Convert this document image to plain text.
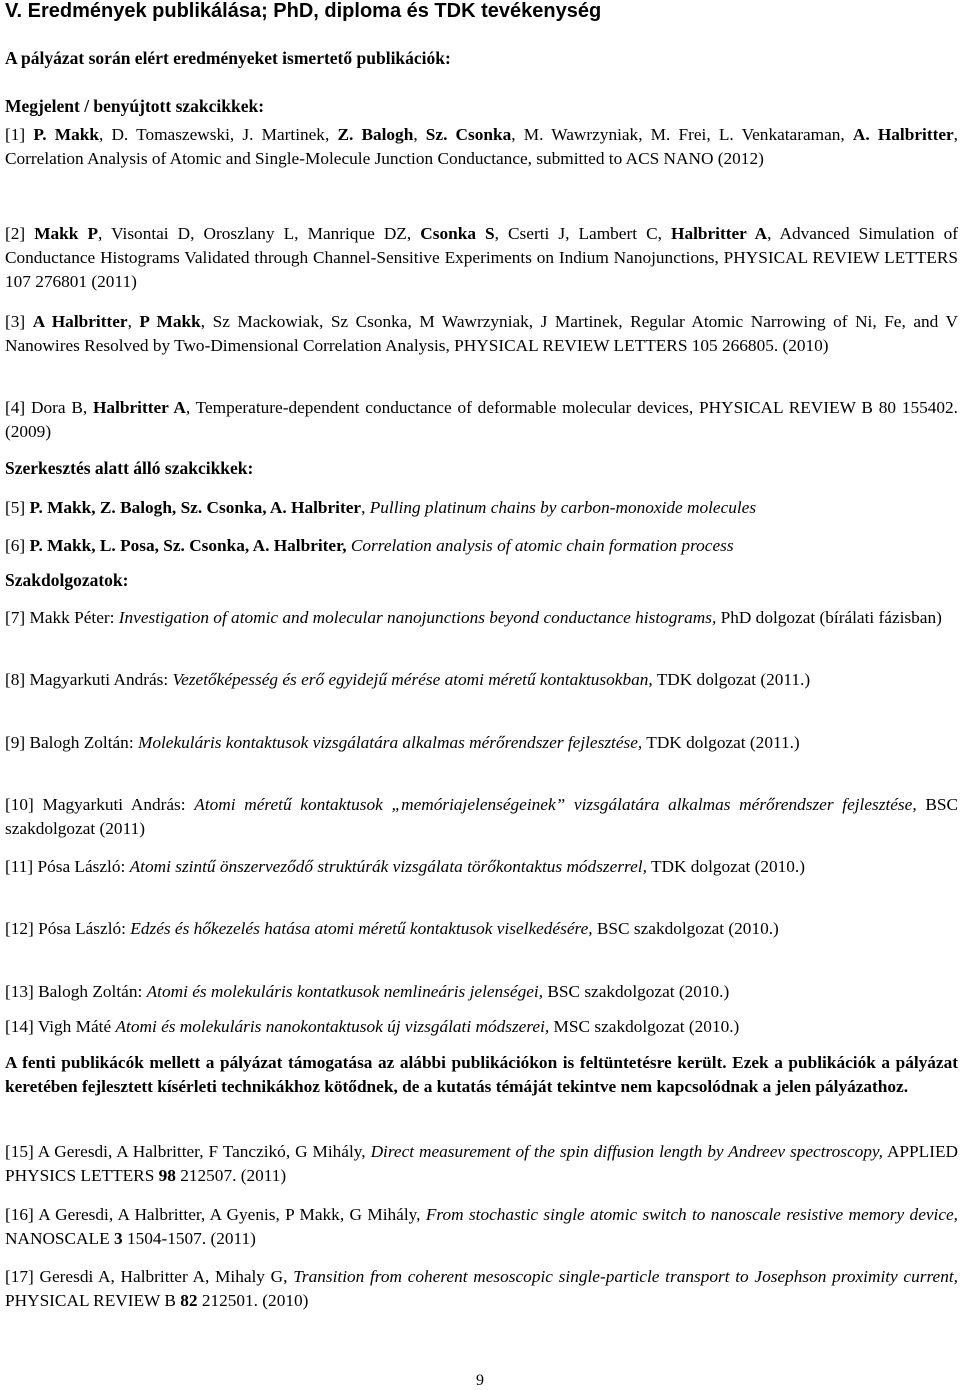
V. Eredmények publikálása; PhD, diploma és TDK tevékenység
A pályázat során elért eredményeket ismertető publikációk:
Megjelent / benyújtott szakcikkek:
[1] P. Makk, D. Tomaszewski, J. Martinek, Z. Balogh, Sz. Csonka, M. Wawrzyniak, M. Frei, L. Venkataraman, A. Halbritter, Correlation Analysis of Atomic and Single-Molecule Junction Conductance, submitted to ACS NANO (2012)
[2] Makk P, Visontai D, Oroszlany L, Manrique DZ, Csonka S, Cserti J, Lambert C, Halbritter A, Advanced Simulation of Conductance Histograms Validated through Channel-Sensitive Experiments on Indium Nanojunctions, PHYSICAL REVIEW LETTERS 107 276801 (2011)
[3] A Halbritter, P Makk, Sz Mackowiak, Sz Csonka, M Wawrzyniak, J Martinek, Regular Atomic Narrowing of Ni, Fe, and V Nanowires Resolved by Two-Dimensional Correlation Analysis, PHYSICAL REVIEW LETTERS 105 266805. (2010)
[4] Dora B, Halbritter A, Temperature-dependent conductance of deformable molecular devices, PHYSICAL REVIEW B 80 155402. (2009)
Szerkesztés alatt álló szakcikkek:
[5] P. Makk, Z. Balogh, Sz. Csonka, A. Halbriter, Pulling platinum chains by carbon-monoxide molecules
[6] P. Makk, L. Posa, Sz. Csonka, A. Halbriter, Correlation analysis of atomic chain formation process
Szakdolgozatok:
[7] Makk Péter: Investigation of atomic and molecular nanojunctions beyond conductance histograms, PhD dolgozat (bírálati fázisban)
[8] Magyarkuti András: Vezetőképesség és erő egyidejű mérése atomi méretű kontaktusokban, TDK dolgozat (2011.)
[9] Balogh Zoltán: Molekuláris kontaktusok vizsgálatára alkalmas mérőrendszer fejlesztése, TDK dolgozat (2011.)
[10] Magyarkuti András: Atomi méretű kontaktusok „memóriajelenségeinek” vizsgálatára alkalmas mérőrendszer fejlesztése, BSC szakdolgozat (2011)
[11] Pósa László: Atomi szintű önszerveződő struktúrák vizsgálata törőkontaktus módszerrel, TDK dolgozat (2010.)
[12] Pósa László: Edzés és hőkezelés hatása atomi méretű kontaktusok viselkedésére, BSC szakdolgozat (2010.)
[13] Balogh Zoltán: Atomi és molekuláris kontatkusok nemlineáris jelenségei, BSC szakdolgozat (2010.)
[14] Vigh Máté Atomi és molekuláris nanokontaktusok új vizsgálati módszerei, MSC szakdolgozat (2010.)
A fenti publikácók mellett a pályázat támogatása az alábbi publikációkon is feltüntetésre került. Ezek a publikációk a pályázat keretében fejlesztett kísérleti technikákhoz kötődnek, de a kutatás témáját tekintve nem kapcsolódnak a jelen pályázathoz.
[15] A Geresdi, A Halbritter, F Tanczikó, G Mihály, Direct measurement of the spin diffusion length by Andreev spectroscopy, APPLIED PHYSICS LETTERS 98 212507. (2011)
[16] A Geresdi, A Halbritter, A Gyenis, P Makk, G Mihály, From stochastic single atomic switch to nanoscale resistive memory device, NANOSCALE 3 1504-1507. (2011)
[17] Geresdi A, Halbritter A, Mihaly G, Transition from coherent mesoscopic single-particle transport to Josephson proximity current, PHYSICAL REVIEW B 82 212501. (2010)
9
